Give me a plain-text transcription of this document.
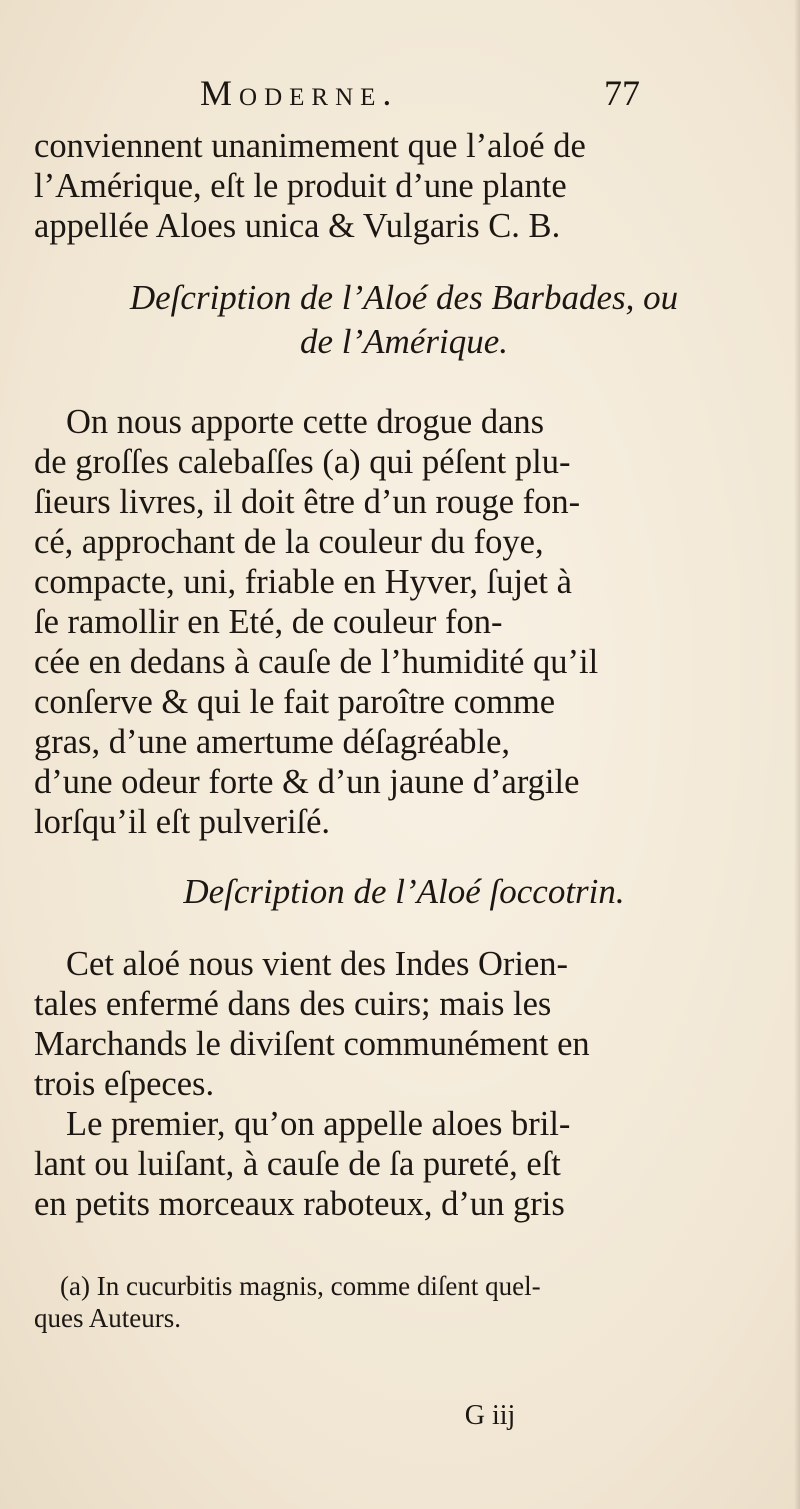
Moderne.	77
conviennent unanimement que l’aloé de
l’Amérique, eſt le produit d’une plante
appellée Aloes unica & Vulgaris C. B.
Deſcription de l’Aloé des Barbades, ou
de l’Amérique.
On nous apporte cette drogue dans
de groſſes calebaſſes (a) qui péſent plu-
ſieurs livres, il doit être d’un rouge fon-
cé, approchant de la couleur du foye,
compacte, uni, friable en Hyver, ſujet à
ſe ramollir en Eté, de couleur fon-
cée en dedans à cauſe de l’humidité qu’il
conſerve & qui le fait paroître comme
gras, d’une amertume déſagréable,
d’une odeur forte & d’un jaune d’argile
lorſqu’il eſt pulveriſé.
Deſcription de l’Aloé ſoccotrin.
Cet aloé nous vient des Indes Orien-
tales enfermé dans des cuirs; mais les
Marchands le diviſent communément en
trois eſpeces.
Le premier, qu’on appelle aloes bril-
lant ou luiſant, à cauſe de ſa pureté, eſt
en petits morceaux raboteux, d’un gris
(a) In cucurbitis magnis, comme diſent quel-
ques Auteurs.
G iij
